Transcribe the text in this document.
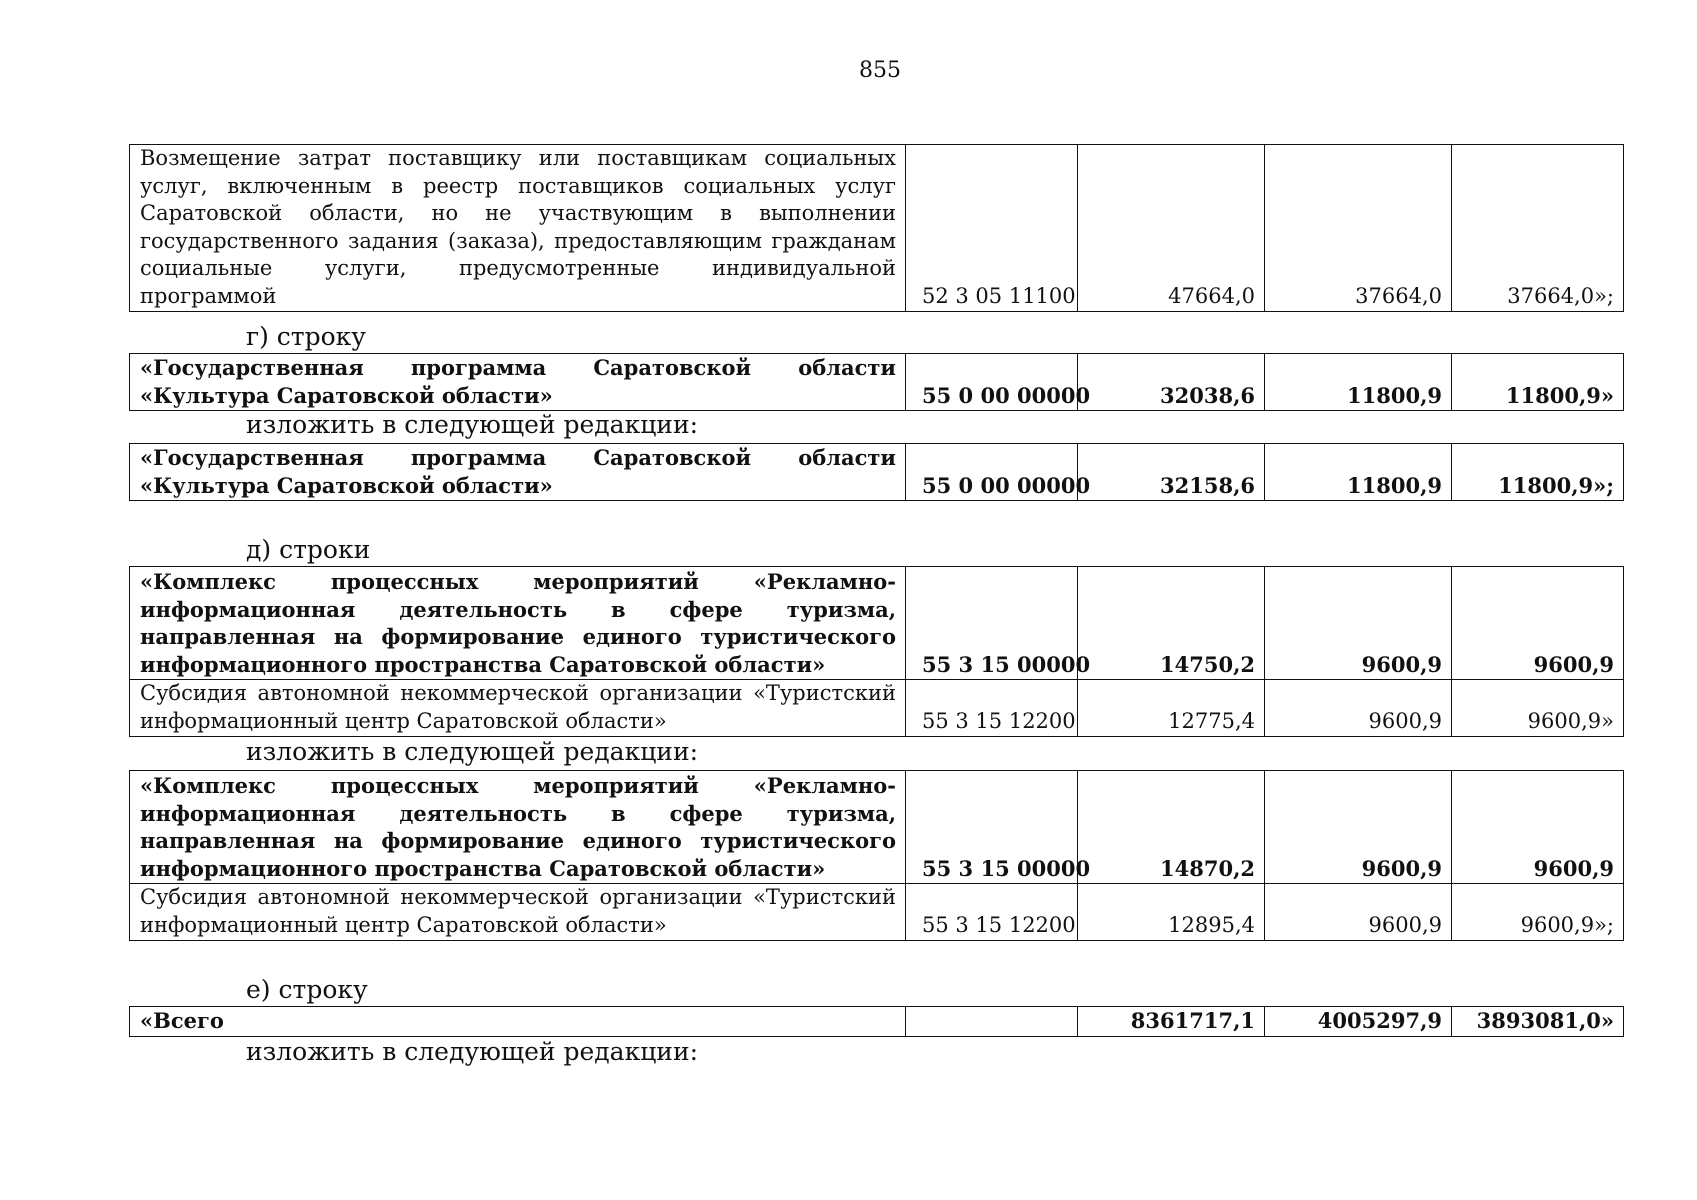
855
Возмещение затрат поставщику или поставщикам социальных услуг, включенным в реестр поставщиков социальных услуг Саратовской области, но не участвующим в выполнении государственного задания (заказа), предоставляющим гражданам социальные услуги, предусмотренные индивидуальной программой	52 3 05 11100	47664,0	37664,0	37664,0»;
г) строку
«Государственная программа Саратовской области «Культура Саратовской области»	55 0 00 00000	32038,6	11800,9	11800,9»
изложить в следующей редакции:
«Государственная программа Саратовской области «Культура Саратовской области»	55 0 00 00000	32158,6	11800,9	11800,9»;
д) строки
«Комплекс процессных мероприятий «Рекламно-информационная деятельность в сфере туризма, направленная на формирование единого туристического информационного пространства Саратовской области»	55 3 15 00000	14750,2	9600,9	9600,9
Субсидия автономной некоммерческой организации «Туристский информационный центр Саратовской области»	55 3 15 12200	12775,4	9600,9	9600,9»
изложить в следующей редакции:
«Комплекс процессных мероприятий «Рекламно-информационная деятельность в сфере туризма, направленная на формирование единого туристического информационного пространства Саратовской области»	55 3 15 00000	14870,2	9600,9	9600,9
Субсидия автономной некоммерческой организации «Туристский информационный центр Саратовской области»	55 3 15 12200	12895,4	9600,9	9600,9»;
е) строку
«Всего		8361717,1	4005297,9	3893081,0»
изложить в следующей редакции:
